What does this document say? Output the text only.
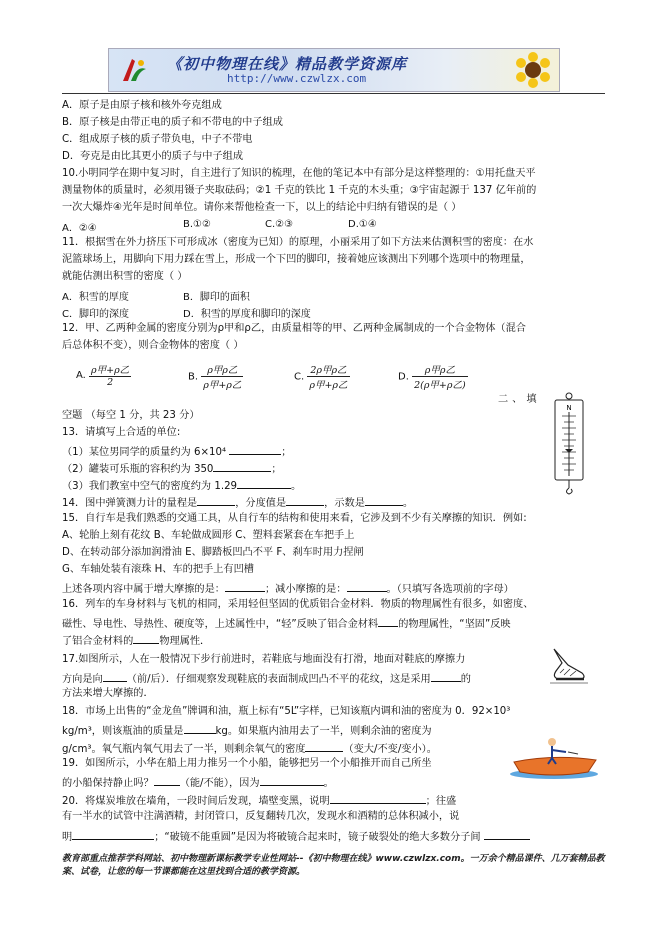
《初中物理在线》精品教学资源库
http://www.czwlzx.com
A．原子是由原子核和核外夸克组成
B．原子核是由带正电的质子和不带电的中子组成
C．组成原子核的质子带负电，中子不带电
D．夸克是由比其更小的质子与中子组成
10.小明同学在期中复习时，自主进行了知识的梳理，在他的笔记本中有部分是这样整理的：①用托盘天平
测量物体的质量时，必须用镊子夹取砝码；②1 千克的铁比 1 千克的木头重；③宇宙起源于 137 亿年前的
一次大爆炸④光年是时间单位。请你来帮他检查一下，以上的结论中归纳有错误的是（ ）
A．②④	B.①②	C.②③	D.①④
11．根据雪在外力挤压下可形成冰（密度为已知）的原理，小丽采用了如下方法来估测积雪的密度：在水
泥篮球场上，用脚向下用力踩在雪上，形成一个下凹的脚印，接着她应该测出下列哪个选项中的物理量，
就能估测出积雪的密度（ ）
A．积雪的厚度	B．脚印的面积
C．脚印的深度	D．积雪的厚度和脚印的深度
12．甲、乙两种金属的密度分别为ρ甲和ρ乙，由质量相等的甲、乙两种金属制成的一个合金物体（混合
后总体积不变），则合金物体的密度（ ）
A. $\frac{\text{ρ甲+ρ乙}}{2}$	B. $\frac{\text{ρ甲ρ乙}}{\text{ρ甲+ρ乙}}$	C. $\frac{\text{2ρ甲ρ乙}}{\text{ρ甲+ρ乙}}$	D. $\frac{\text{ρ甲ρ乙}}{\text{2(ρ甲+ρ乙)}}$
二、填
N
空题 （每空 1 分，共 23 分）
13．请填写上合适的单位:
（1）某位男同学的质量约为 6×10⁴	；
（2）罐装可乐瓶的容积约为 350	；
（3）我们教室中空气的密度约为 1.29	。
14．图中弹簧测力计的量程是	，分度值是	，示数是	。
15．自行车是我们熟悉的交通工具，从自行车的结构和使用来看，它涉及到不少有关摩擦的知识．例如:
A、轮胎上刻有花纹 B、车轮做成圆形 C、塑料套紧套在车把手上
D、在转动部分添加润滑油 E、脚踏板凹凸不平 F、刹车时用力捏闸
G、车轴处装有滚珠 H、车的把手上有凹槽
上述各项内容中属于增大摩擦的是：	；减小摩擦的是：	。（只填写各选项前的字母）
16．列车的车身材料与飞机的相同，采用轻但坚固的优质铝合金材料．物质的物理属性有很多，如密度、
磁性、导电性、导热性、硬度等，上述属性中，“轻”反映了铝合金材料 的物理属性，“坚固”反映
了铝合金材料的	物理属性．
17.如图所示，人在一般情况下步行前进时，若鞋底与地面没有打滑，地面对鞋底的摩擦力
方向是向 （前/后）．仔细观察发现鞋底的表面制成凹凸不平的花纹，这是采用	的
方法来增大摩擦的．
18．市场上出售的“金龙鱼”牌调和油，瓶上标有“5L”字样，已知该瓶内调和油的密度为 0．92×10³
kg/m³，则该瓶油的质量是	kg。如果瓶内油用去了一半，则剩余油的密度为
g/cm³。氧气瓶内氧气用去了一半，则剩余氧气的密度	（变大/不变/变小）。
19．如图所示，小华在船上用力推另一个小船，能够把另一个小船推开而自己所坐
的小船保持静止吗？	（能/不能），因为	。
20．将煤炭堆放在墙角，一段时间后发现，墙壁变黑，说明	；往盛
有一半水的试管中注满酒精，封闭管口，反复翻转几次，发现水和酒精的总体积减小，说
明	；“破镜不能重圆”是因为将破镜合起来时，镜子破裂处的绝大多数分子间
教育部重点推荐学科网站、初中物理新课标教学专业性网站--《初中物理在线》www.czwlzx.com。一万余个精品课件、几万套精品教案、试卷，让您的每一节课都能在这里找到合适的教学资源。
